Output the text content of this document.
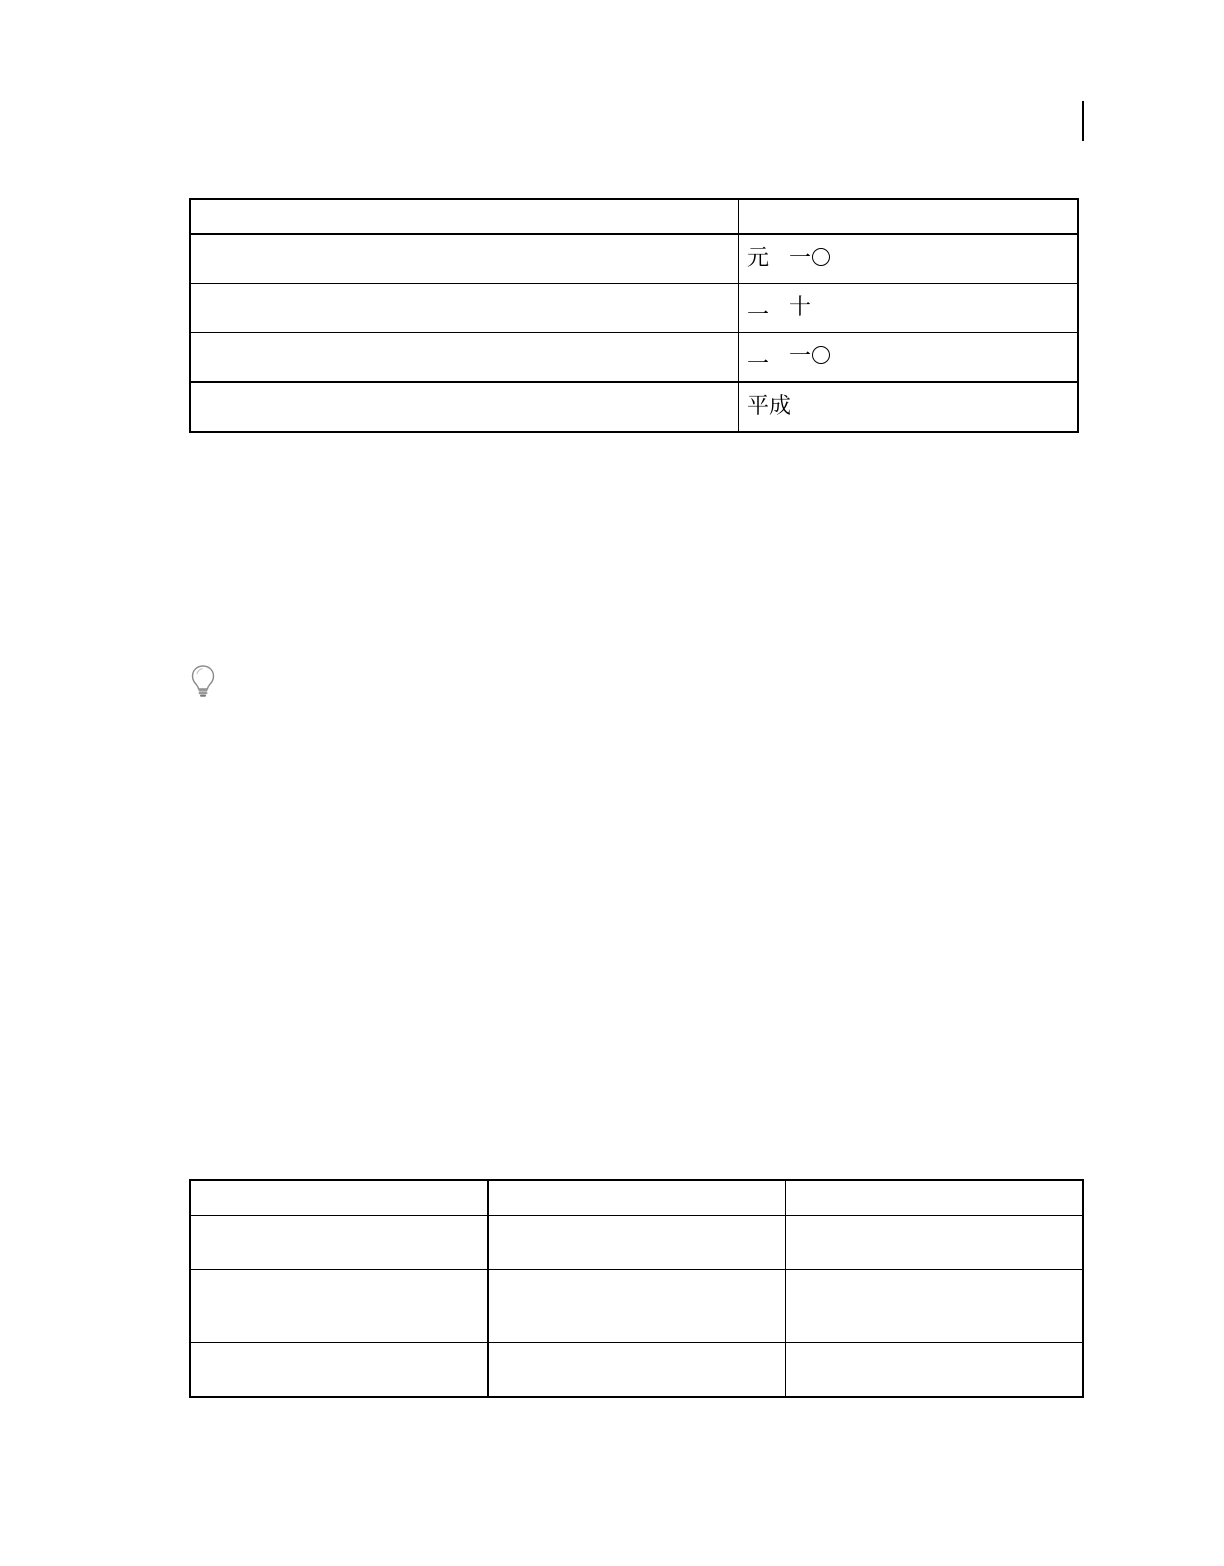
	元 一
	一 十
	一 一
	平成
